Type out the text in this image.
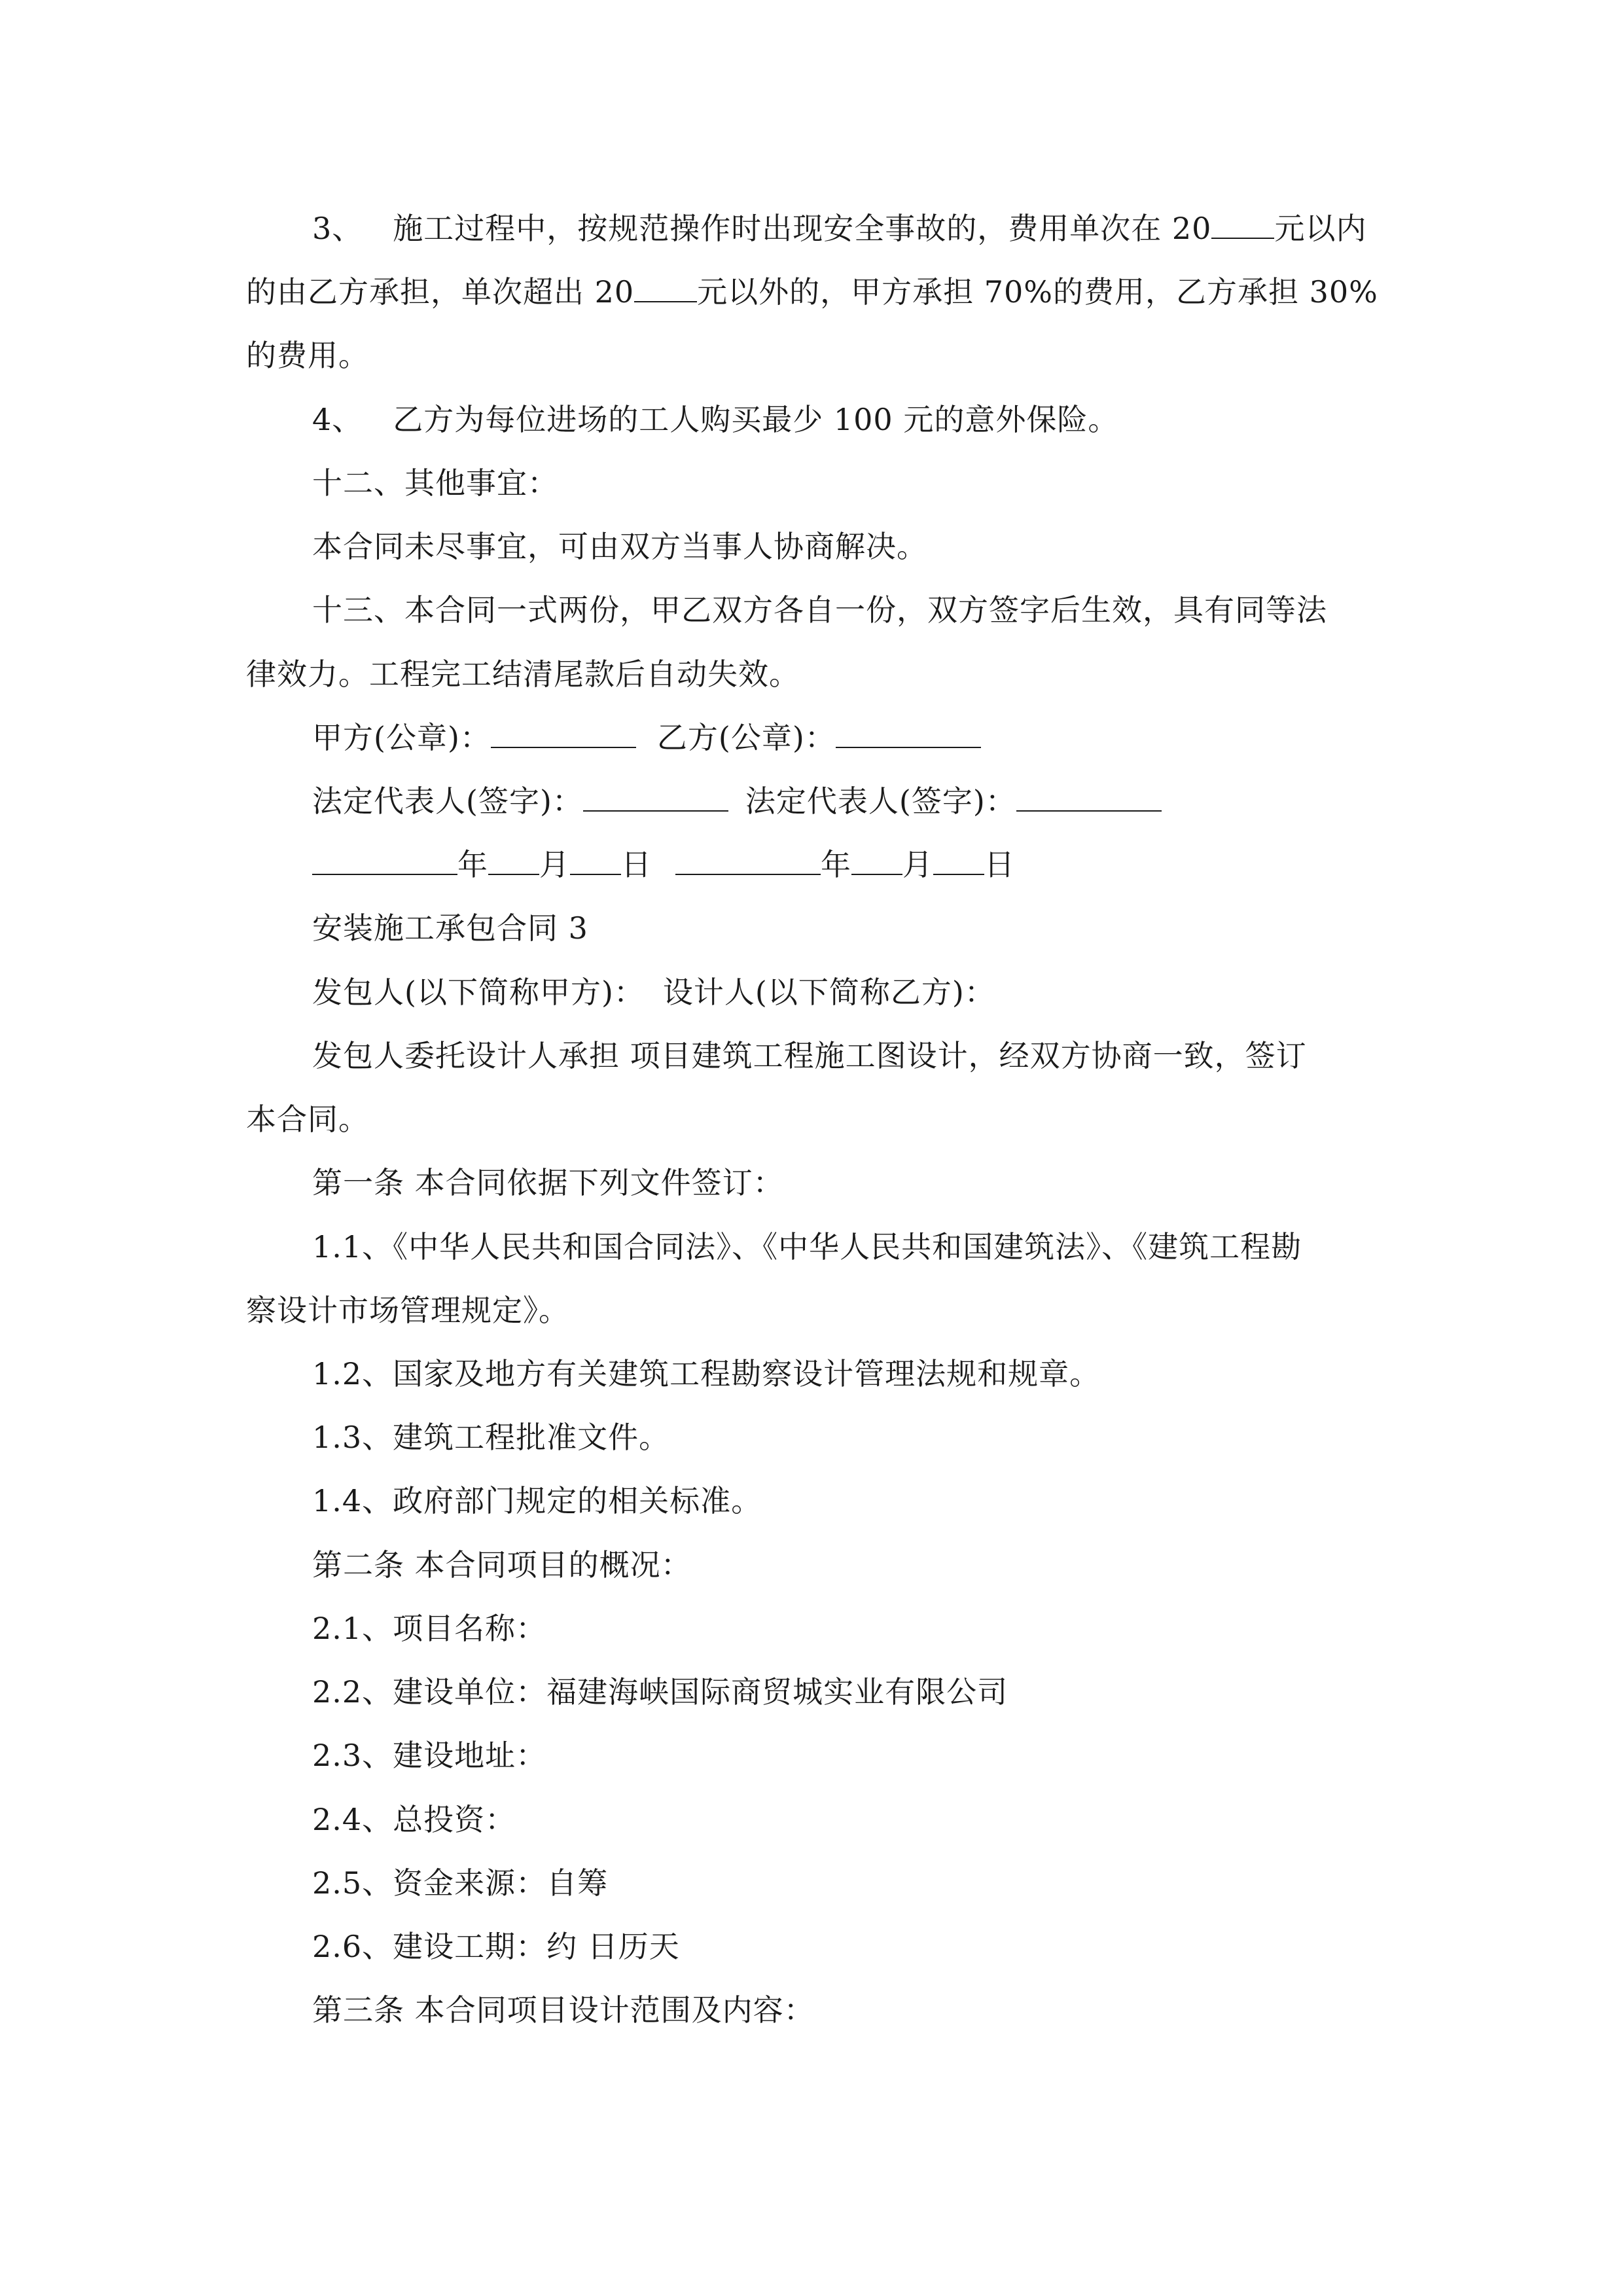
3、 施工过程中，按规范操作时出现安全事故的，费用单次在 20 元以内
的由乙方承担，单次超出 20 元以外的，甲方承担 70%的费用，乙方承担 30%
的费用。
4、 乙方为每位进场的工人购买最少 100 元的意外保险。
十二、其他事宜：
本合同未尽事宜，可由双方当事人协商解决。
十三、本合同一式两份，甲乙双方各自一份，双方签字后生效，具有同等法
律效力。工程完工结清尾款后自动失效。
甲方(公章)：	乙方(公章)：
法定代表人(签字)：	法定代表人(签字)：
年 月 日	年 月 日
安装施工承包合同 3
发包人(以下简称甲方)： 设计人(以下简称乙方)：
发包人委托设计人承担 项目建筑工程施工图设计，经双方协商一致，签订
本合同。
第一条 本合同依据下列文件签订：
1.1、《中华人民共和国合同法》、《中华人民共和国建筑法》、《建筑工程勘
察设计市场管理规定》。
1.2、国家及地方有关建筑工程勘察设计管理法规和规章。
1.3、建筑工程批准文件。
1.4、政府部门规定的相关标准。
第二条 本合同项目的概况：
2.1、项目名称：
2.2、建设单位：福建海峡国际商贸城实业有限公司
2.3、建设地址：
2.4、总投资：
2.5、资金来源：自筹
2.6、建设工期：约 日历天
第三条 本合同项目设计范围及内容：
